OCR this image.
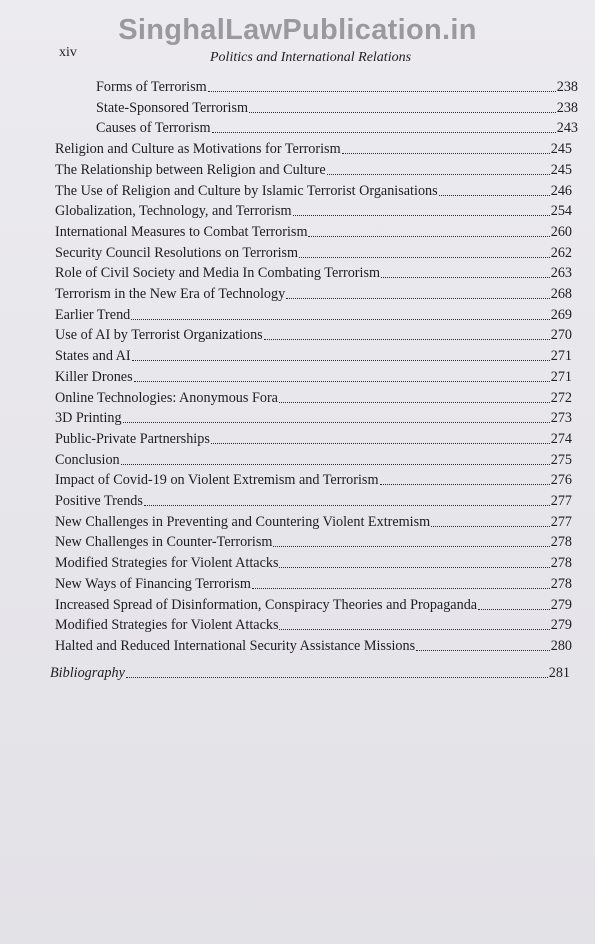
SinghalLawPublication.in
xiv	Politics and International Relations
Forms of Terrorism	238
State-Sponsored Terrorism	238
Causes of Terrorism	243
Religion and Culture as Motivations for Terrorism	245
The Relationship between Religion and Culture	245
The Use of Religion and Culture by Islamic Terrorist Organisations	246
Globalization, Technology, and Terrorism	254
International Measures to Combat Terrorism	260
Security Council Resolutions on Terrorism	262
Role of Civil Society and Media In Combating Terrorism	263
Terrorism in the New Era of Technology	268
Earlier Trend	269
Use of AI by Terrorist Organizations	270
States and AI	271
Killer Drones	271
Online Technologies: Anonymous Fora	272
3D Printing	273
Public-Private Partnerships	274
Conclusion	275
Impact of Covid-19 on Violent Extremism and Terrorism	276
Positive Trends	277
New Challenges in Preventing and Countering Violent Extremism	277
New Challenges in Counter-Terrorism	278
Modified Strategies for Violent Attacks	278
New Ways of Financing Terrorism	278
Increased Spread of Disinformation, Conspiracy Theories and Propaganda	279
Modified Strategies for Violent Attacks	279
Halted and Reduced International Security Assistance Missions	280
Bibliography	281
